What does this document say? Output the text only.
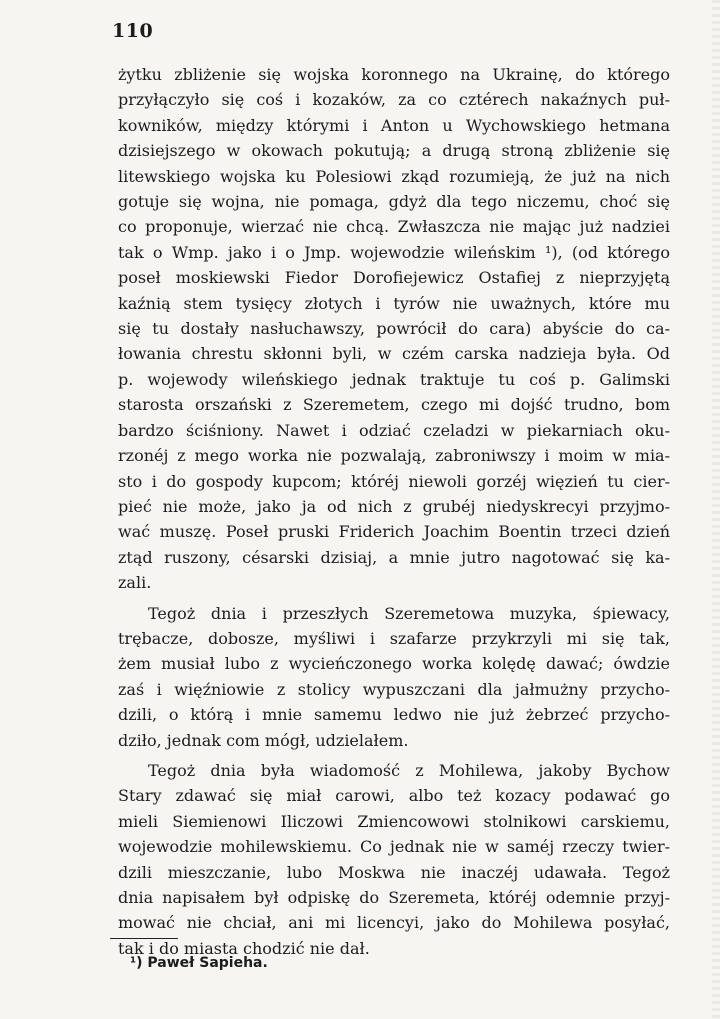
110

żytku zbliżenie się wojska koronnego na Ukrainę, do którego
przyłączyło się coś i kozaków, za co cztérech nakaźnych puł-
kowników, między którymi i Anton u Wychowskiego hetmana
dzisiejszego w okowach pokutują; a drugą stroną zbliżenie się
litewskiego wojska ku Polesiowi zkąd rozumieją, że już na nich
gotuje się wojna, nie pomaga, gdyż dla tego niczemu, choć się
co proponuje, wierzać nie chcą. Zwłaszcza nie mając już nadziei
tak o Wmp. jako i o Jmp. wojewodzie wileńskim ¹), (od którego
poseł moskiewski Fiedor Dorofiejewicz Ostafiej z nieprzyjętą
kaźnią stem tysięcy złotych i tyrów nie uważnych, które mu
się tu dostały nasłuchawszy, powrócił do cara) abyście do ca-
łowania chrestu skłonni byli, w czém carska nadzieja była. Od
p. wojewody wileńskiego jednak traktuje tu coś p. Galimski
starosta orszański z Szeremetem, czego mi dojść trudno, bom
bardzo ściśniony. Nawet i odziać czeladzi w piekarniach oku-
rzonéj z mego worka nie pozwalają, zabroniwszy i moim w mia-
sto i do gospody kupcom; któréj niewoli gorzéj więzień tu cier-
pieć nie może, jako ja od nich z grubéj niedyskrecyi przyjmo-
wać muszę. Poseł pruski Friderich Joachim Boentin trzeci dzień
ztąd ruszony, césarski dzisiaj, a mnie jutro nagotować się ka-
zali.

Tegoż dnia i przeszłych Szeremetowa muzyka, śpiewacy,
trębacze, dobosze, myśliwi i szafarze przykrzyli mi się tak,
żem musiał lubo z wycieńczonego worka kolędę dawać; ówdzie
zaś i więźniowie z stolicy wypuszczani dla jałmużny przycho-
dzili, o którą i mnie samemu ledwo nie już żebrzeć przycho-
dziło, jednak com mógł, udzielałem.

Tegoż dnia była wiadomość z Mohilewa, jakoby Bychow
Stary zdawać się miał carowi, albo też kozacy podawać go
mieli Siemienowi Iliczowi Zmiencowowi stolnikowi carskiemu,
wojewodzie mohilewskiemu. Co jednak nie w saméj rzeczy twier-
dzili mieszczanie, lubo Moskwa nie inaczéj udawała. Tegoż
dnia napisałem był odpiskę do Szeremeta, któréj odemnie przyj-
mować nie chciał, ani mi licencyi, jako do Mohilewa posyłać,
tak i do miasta chodzić nie dał.

¹) Paweł Sapieha.
